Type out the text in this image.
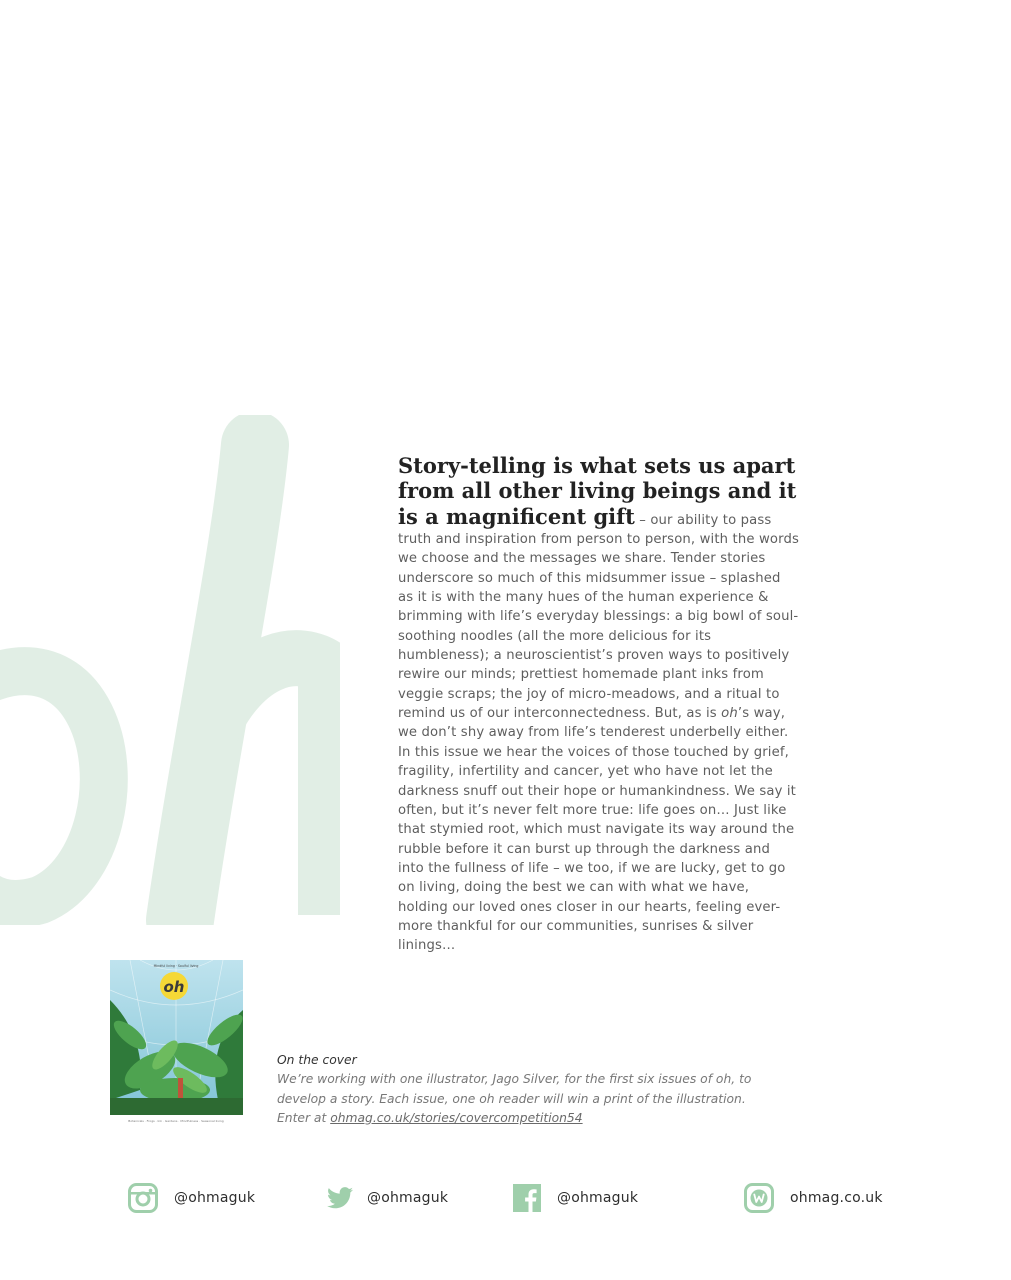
Story-telling is what sets us apart from all other living beings and it is a magnificent gift – our ability to pass truth and inspiration from person to person, with the words we choose and the messages we share. Tender stories underscore so much of this midsummer issue – splashed as it is with the many hues of the human experience & brimming with life’s everyday blessings: a big bowl of soul-soothing noodles (all the more delicious for its humbleness); a neuroscientist’s proven ways to positively rewire our minds; prettiest homemade plant inks from veggie scraps; the joy of micro-meadows, and a ritual to remind us of our interconnectedness. But, as is oh’s way, we don’t shy away from life’s tenderest underbelly either. In this issue we hear the voices of those touched by grief, fragility, infertility and cancer, yet who have not let the darkness snuff out their hope or humankindness. We say it often, but it’s never felt more true: life goes on… Just like that stymied root, which must navigate its way around the rubble before it can burst up through the darkness and into the fullness of life – we too, if we are lucky, get to go on living, doing the best we can with what we have, holding our loved ones closer in our hearts, feeling ever-more thankful for our communities, sunrises & silver linings…
oh
Mindful living · Soulful living
Botanicals · Frogs · Ink · Gardens · Mindfulness · Seasonal living
On the cover
We’re working with one illustrator, Jago Silver, for the first six issues of oh, to develop a story. Each issue, one oh reader will win a print of the illustration. Enter at ohmag.co.uk/stories/covercompetition54
@ohmaguk	@ohmaguk	@ohmaguk	ohmag.co.uk
